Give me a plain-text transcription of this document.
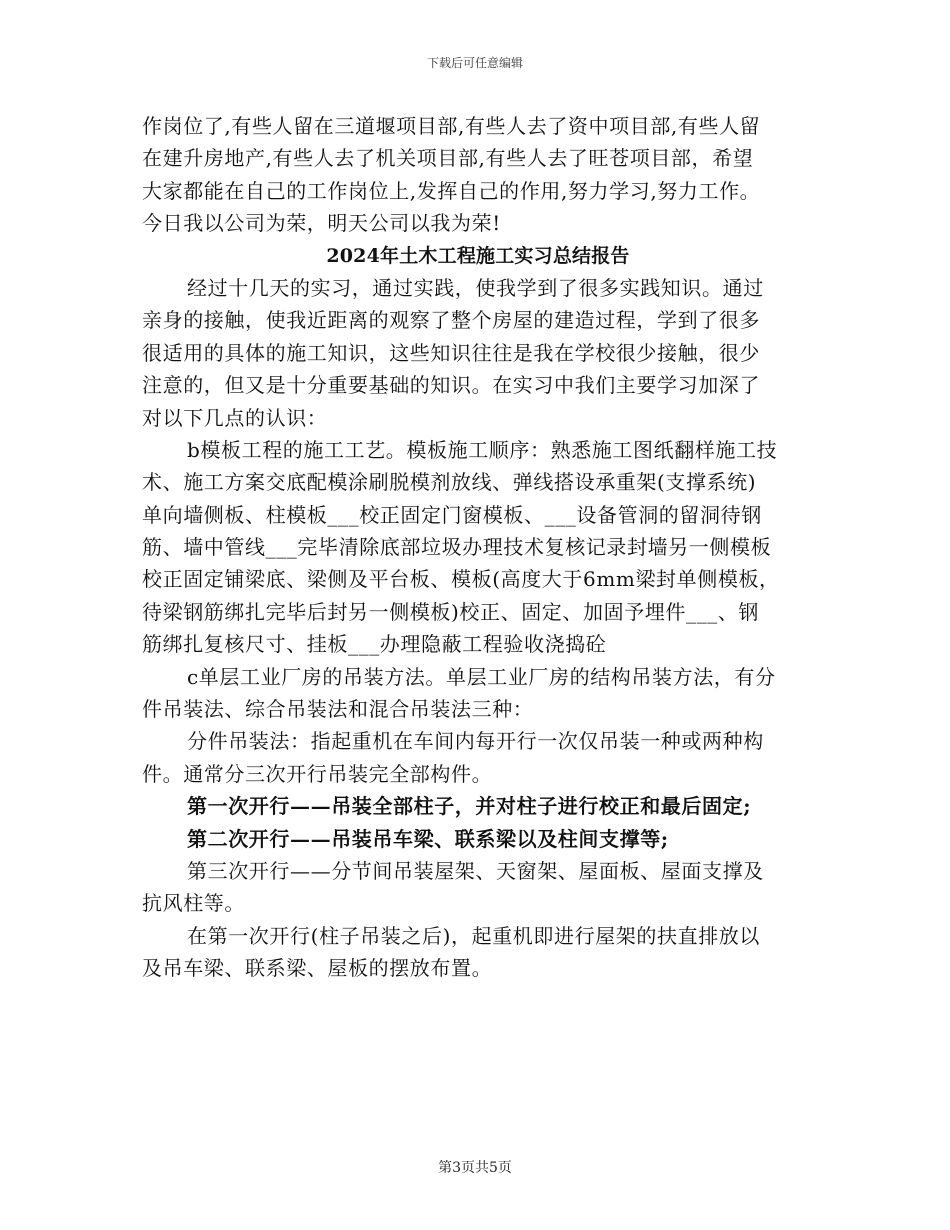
下载后可任意编辑
作岗位了,有些人留在三道堰项目部,有些人去了资中项目部,有些人留
在建升房地产,有些人去了机关项目部,有些人去了旺苍项目部，希望
大家都能在自己的工作岗位上,发挥自己的作用,努力学习,努力工作。
今日我以公司为荣，明天公司以我为荣!
2024年土木工程施工实习总结报告
经过十几天的实习，通过实践，使我学到了很多实践知识。通过
亲身的接触，使我近距离的观察了整个房屋的建造过程，学到了很多
很适用的具体的施工知识，这些知识往往是我在学校很少接触，很少
注意的，但又是十分重要基础的知识。在实习中我们主要学习加深了
对以下几点的认识：
b模板工程的施工工艺。模板施工顺序：熟悉施工图纸翻样施工技
术、施工方案交底配模涂刷脱模剂放线、弹线搭设承重架(支撑系统)
单向墙侧板、柱模板___校正固定门窗模板、___设备管洞的留洞待钢
筋、墙中管线___完毕清除底部垃圾办理技术复核记录封墙另一侧模板
校正固定铺梁底、梁侧及平台板、模板(高度大于6mm梁封单侧模板，
待梁钢筋绑扎完毕后封另一侧模板)校正、固定、加固予埋件___、钢
筋绑扎复核尺寸、挂板___办理隐蔽工程验收浇捣砼
c单层工业厂房的吊装方法。单层工业厂房的结构吊装方法，有分
件吊装法、综合吊装法和混合吊装法三种：
分件吊装法：指起重机在车间内每开行一次仅吊装一种或两种构
件。通常分三次开行吊装完全部构件。
第一次开行——吊装全部柱子，并对柱子进行校正和最后固定;
第二次开行——吊装吊车梁、联系梁以及柱间支撑等;
第三次开行——分节间吊装屋架、天窗架、屋面板、屋面支撑及
抗风柱等。
在第一次开行(柱子吊装之后)，起重机即进行屋架的扶直排放以
及吊车梁、联系梁、屋板的摆放布置。
第3页共5页
